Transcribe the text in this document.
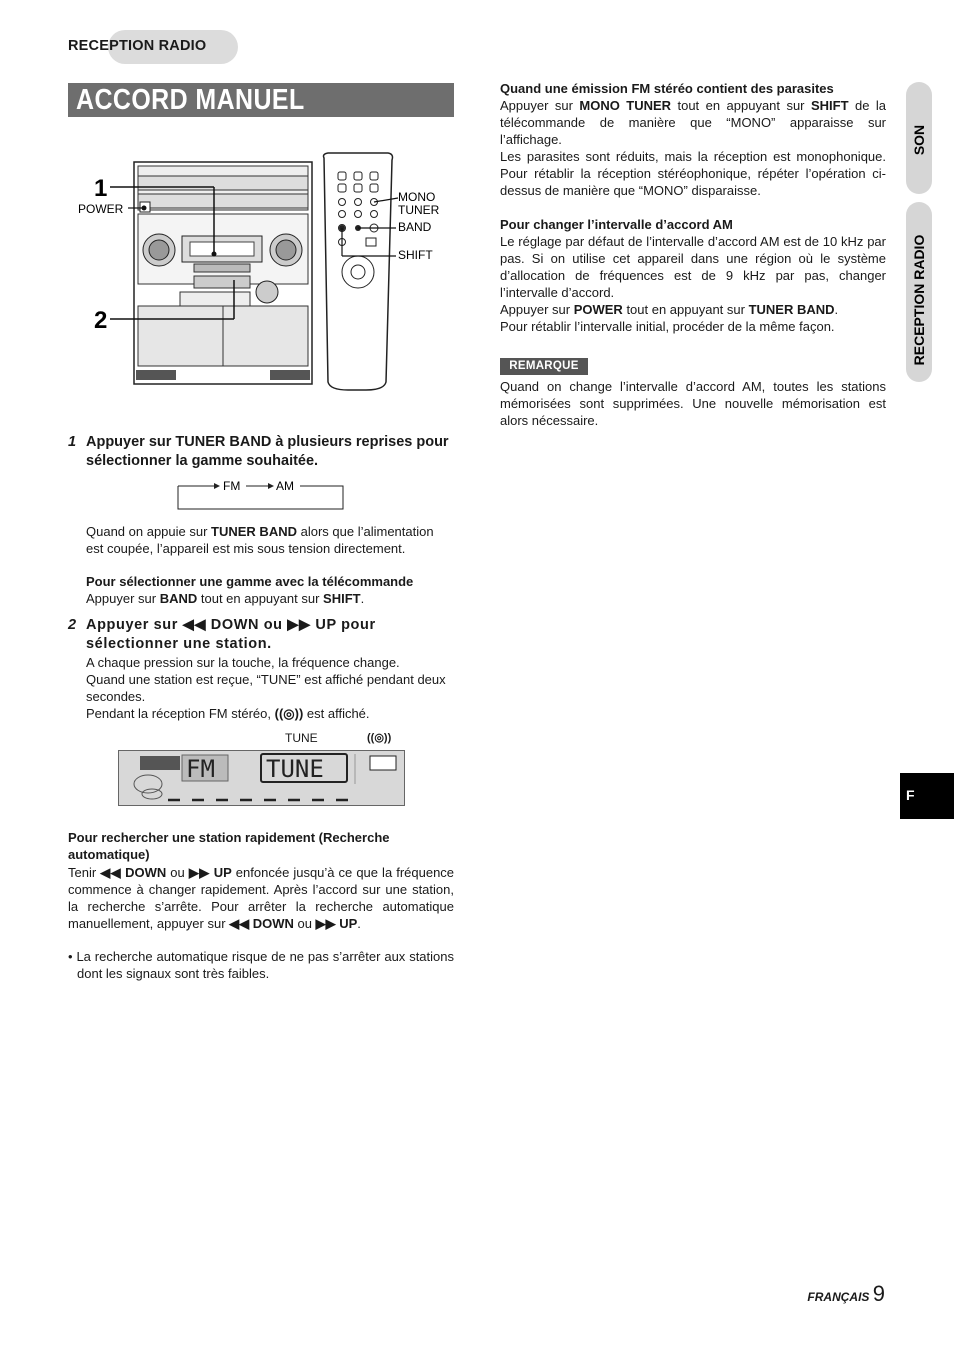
RECEPTION RADIO
ACCORD MANUEL
1
2
POWER
MONO
TUNER
BAND
SHIFT
1 Appuyer sur TUNER BAND à plusieurs reprises pour sélectionner la gamme souhaitée.
FM	AM
Quand on appuie sur TUNER BAND alors que l’alimentation est coupée, l’appareil est mis sous tension directement.
Pour sélectionner une gamme avec la télécommande
Appuyer sur BAND tout en appuyant sur SHIFT.
2 Appuyer sur ◀◀ DOWN ou ▶▶ UP pour sélectionner une station.
A chaque pression sur la touche, la fréquence change.
Quand une station est reçue, “TUNE” est affiché pendant deux secondes.
Pendant la réception FM stéréo, ((◎)) est affiché.
TUNE	((◎))
FM TUNE
Pour rechercher une station rapidement (Recherche automatique)
Tenir ◀◀ DOWN ou ▶▶ UP enfoncée jusqu’à ce que la fréquence commence à changer rapidement. Après l’accord sur une station, la recherche s’arrête. Pour arrêter la recherche automatique manuellement, appuyer sur ◀◀ DOWN ou ▶▶ UP.
• La recherche automatique risque de ne pas s’arrêter aux stations dont les signaux sont très faibles.
Quand une émission FM stéréo contient des parasites
Appuyer sur MONO TUNER tout en appuyant sur SHIFT de la télécommande de manière que “MONO” apparaisse sur l’affichage.
Les parasites sont réduits, mais la réception est monophonique. Pour rétablir la réception stéréophonique, répéter l’opération ci-dessus de manière que “MONO” disparaisse.
Pour changer l’intervalle d’accord AM
Le réglage par défaut de l’intervalle d’accord AM est de 10 kHz par pas. Si on utilise cet appareil dans une région où le système d’allocation de fréquences est de 9 kHz par pas, changer l’intervalle d’accord.
Appuyer sur POWER tout en appuyant sur TUNER BAND.
Pour rétablir l’intervalle initial, procéder de la même façon.
REMARQUE
Quand on change l’intervalle d’accord AM, toutes les stations mémorisées sont supprimées. Une nouvelle mémorisation est alors nécessaire.
SON
RECEPTION RADIO
F
FRANÇAIS 9
